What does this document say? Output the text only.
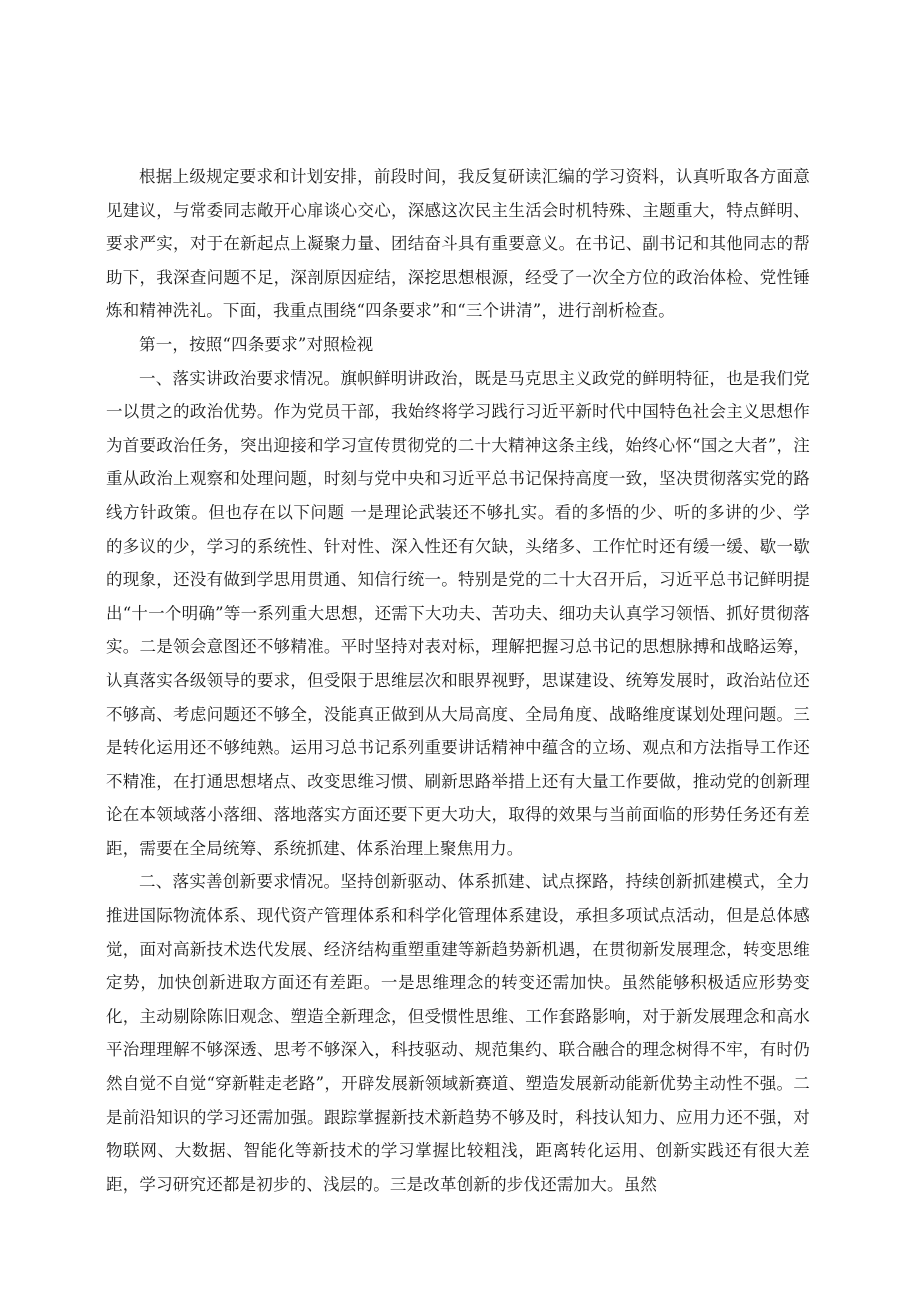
根据上级规定要求和计划安排，前段时间，我反复研读汇编的学习资料，认真听取各方面意见建议，与常委同志敞开心扉谈心交心，深感这次民主生活会时机特殊、主题重大，特点鲜明、要求严实，对于在新起点上凝聚力量、团结奋斗具有重要意义。在书记、副书记和其他同志的帮助下，我深查问题不足，深剖原因症结，深挖思想根源，经受了一次全方位的政治体检、党性锤炼和精神洗礼。下面，我重点围绕“四条要求”和“三个讲清”，进行剖析检查。

第一，按照“四条要求”对照检视

一、落实讲政治要求情况。旗帜鲜明讲政治，既是马克思主义政党的鲜明特征，也是我们党一以贯之的政治优势。作为党员干部，我始终将学习践行习近平新时代中国特色社会主义思想作为首要政治任务，突出迎接和学习宣传贯彻党的二十大精神这条主线，始终心怀“国之大者”，注重从政治上观察和处理问题，时刻与党中央和习近平总书记保持高度一致，坚决贯彻落实党的路线方针政策。但也存在以下问题 一是理论武装还不够扎实。看的多悟的少、听的多讲的少、学的多议的少，学习的系统性、针对性、深入性还有欠缺，头绪多、工作忙时还有缓一缓、歇一歇的现象，还没有做到学思用贯通、知信行统一。特别是党的二十大召开后，习近平总书记鲜明提出“十一个明确”等一系列重大思想，还需下大功夫、苦功夫、细功夫认真学习领悟、抓好贯彻落实。二是领会意图还不够精准。平时坚持对表对标，理解把握习总书记的思想脉搏和战略运筹，认真落实各级领导的要求，但受限于思维层次和眼界视野，思谋建设、统筹发展时，政治站位还不够高、考虑问题还不够全，没能真正做到从大局高度、全局角度、战略维度谋划处理问题。三是转化运用还不够纯熟。运用习总书记系列重要讲话精神中蕴含的立场、观点和方法指导工作还不精准，在打通思想堵点、改变思维习惯、刷新思路举措上还有大量工作要做，推动党的创新理论在本领域落小落细、落地落实方面还要下更大功大，取得的效果与当前面临的形势任务还有差距，需要在全局统筹、系统抓建、体系治理上聚焦用力。

二、落实善创新要求情况。坚持创新驱动、体系抓建、试点探路，持续创新抓建模式，全力推进国际物流体系、现代资产管理体系和科学化管理体系建设，承担多项试点活动，但是总体感觉，面对高新技术迭代发展、经济结构重塑重建等新趋势新机遇，在贯彻新发展理念，转变思维定势，加快创新进取方面还有差距。一是思维理念的转变还需加快。虽然能够积极适应形势变化，主动剔除陈旧观念、塑造全新理念，但受惯性思维、工作套路影响，对于新发展理念和高水平治理理解不够深透、思考不够深入，科技驱动、规范集约、联合融合的理念树得不牢，有时仍然自觉不自觉“穿新鞋走老路”，开辟发展新领域新赛道、塑造发展新动能新优势主动性不强。二是前沿知识的学习还需加强。跟踪掌握新技术新趋势不够及时，科技认知力、应用力还不强，对物联网、大数据、智能化等新技术的学习掌握比较粗浅，距离转化运用、创新实践还有很大差距，学习研究还都是初步的、浅层的。三是改革创新的步伐还需加大。虽然
